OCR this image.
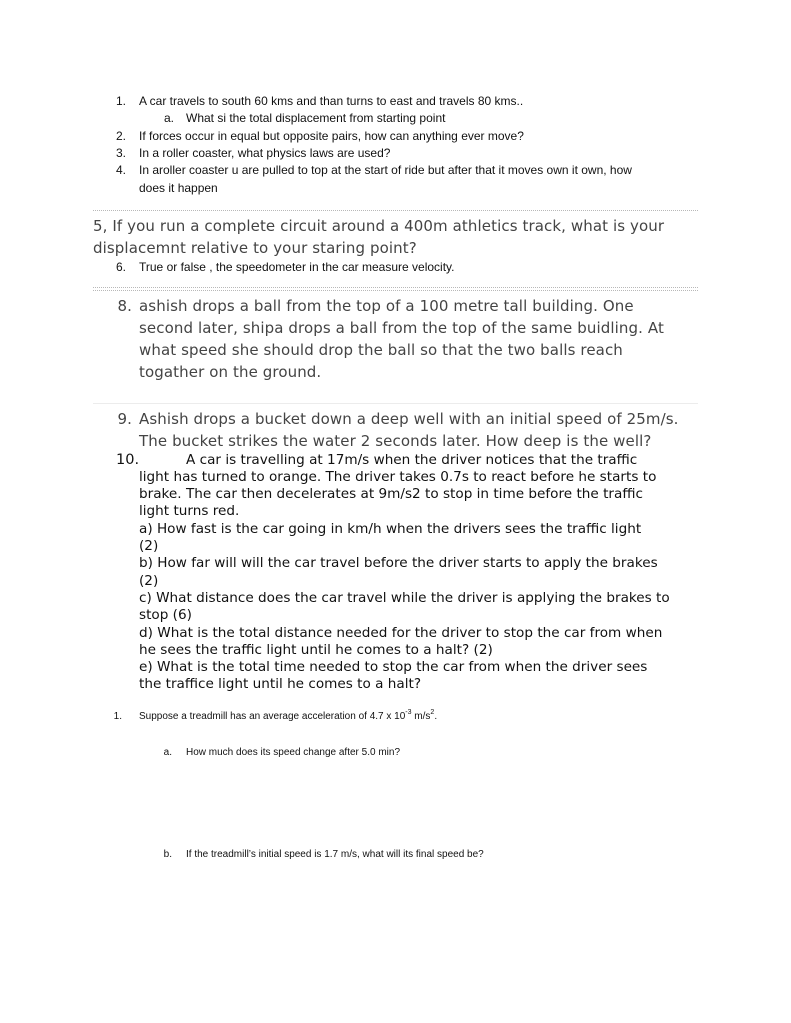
1. A car travels to south 60 kms and than turns to east and travels 80 kms..
a. What si the total displacement from starting point
2. If forces occur in equal but opposite pairs, how can anything ever move?
3. In a roller coaster, what physics laws are used?
4. In aroller coaster u are pulled to top at the start of ride but after that it moves own it own, how
does it happen
5, If you run a complete circuit around a 400m athletics track, what is your
displacemnt relative to your staring point?
6. True or false , the speedometer in the car measure velocity.
8. ashish drops a ball from the top of a 100 metre tall building. One
second later, shipa drops a ball from the top of the same buidling. At
what speed she should drop the ball so that the two balls reach
togather on the ground.
9. Ashish drops a bucket down a deep well with an initial speed of 25m/s.
The bucket strikes the water 2 seconds later. How deep is the well?
10.	A car is travelling at 17m/s when the driver notices that the traffic
light has turned to orange. The driver takes 0.7s to react before he starts to
brake. The car then decelerates at 9m/s2 to stop in time before the traffic
light turns red.
a) How fast is the car going in km/h when the drivers sees the traffic light
(2)
b) How far will will the car travel before the driver starts to apply the brakes
(2)
c) What distance does the car travel while the driver is applying the brakes to
stop (6)
d) What is the total distance needed for the driver to stop the car from when
he sees the traffic light until he comes to a halt? (2)
e) What is the total time needed to stop the car from when the driver sees
the traffice light until he comes to a halt?
1. Suppose a treadmill has an average acceleration of 4.7 x $10^{-3}$ $m/s^2$.
a. How much does its speed change after 5.0 min?
b. If the treadmill’s initial speed is 1.7 m/s, what will its final speed be?
